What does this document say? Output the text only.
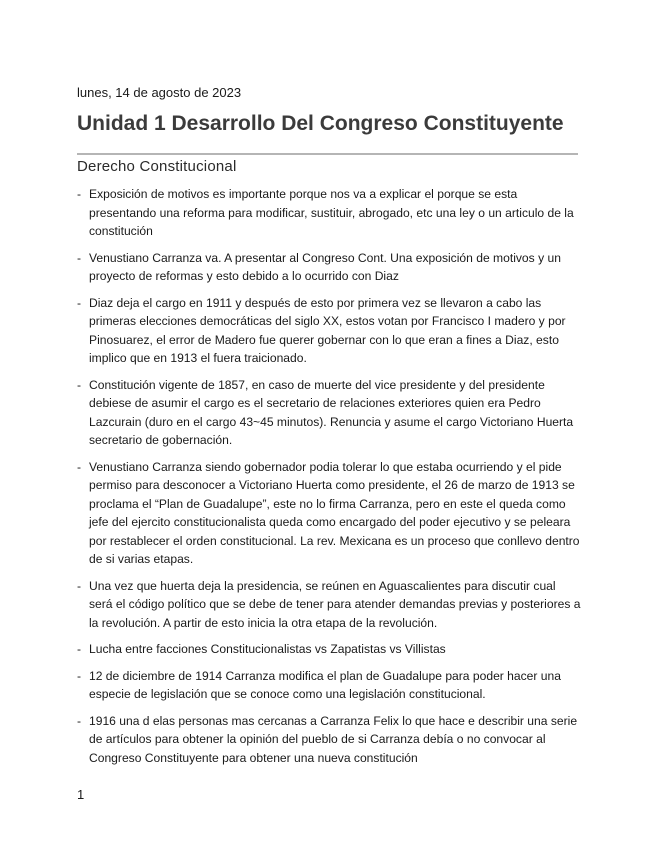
lunes, 14 de agosto de 2023
Unidad 1 Desarrollo Del Congreso Constituyente
Derecho Constitucional
- Exposición de motivos es importante porque nos va a explicar el porque se esta presentando una reforma para modificar, sustituir, abrogado, etc una ley o un articulo de la constitución
- Venustiano Carranza va. A presentar al Congreso Cont. Una exposición de motivos y un proyecto de reformas y esto debido a lo ocurrido con Diaz
- Diaz deja el cargo en 1911 y después de esto por primera vez se llevaron a cabo las primeras elecciones democráticas del siglo XX, estos votan por Francisco I madero y por Pinosuarez, el error de Madero fue querer gobernar con lo que eran a fines a Diaz, esto implico que en 1913 el fuera traicionado.
- Constitución vigente de 1857, en caso de muerte del vice presidente y del presidente debiese de asumir el cargo es el secretario de relaciones exteriores quien era Pedro Lazcurain (duro en el cargo 43~45 minutos). Renuncia y asume el cargo Victoriano Huerta secretario de gobernación.
- Venustiano Carranza siendo gobernador podia tolerar lo que estaba ocurriendo y el pide permiso para desconocer a Victoriano Huerta como presidente, el 26 de marzo de 1913 se proclama el “Plan de Guadalupe”, este no lo firma Carranza, pero en este el queda como jefe del ejercito constitucionalista queda como encargado del poder ejecutivo y se peleara por restablecer el orden constitucional. La rev. Mexicana es un proceso que conllevo dentro de si varias etapas.
- Una vez que huerta deja la presidencia, se reúnen en Aguascalientes para discutir cual será el código político que se debe de tener para atender demandas previas y posteriores a la revolución. A partir de esto inicia la otra etapa de la revolución.
- Lucha entre facciones Constitucionalistas vs Zapatistas vs Villistas
- 12 de diciembre de 1914 Carranza modifica el plan de Guadalupe para poder hacer una especie de legislación que se conoce como una legislación constitucional.
- 1916 una d elas personas mas cercanas a Carranza Felix lo que hace e describir una serie de artículos para obtener la opinión del pueblo de si Carranza debía o no convocar al Congreso Constituyente para obtener una nueva constitución
1
